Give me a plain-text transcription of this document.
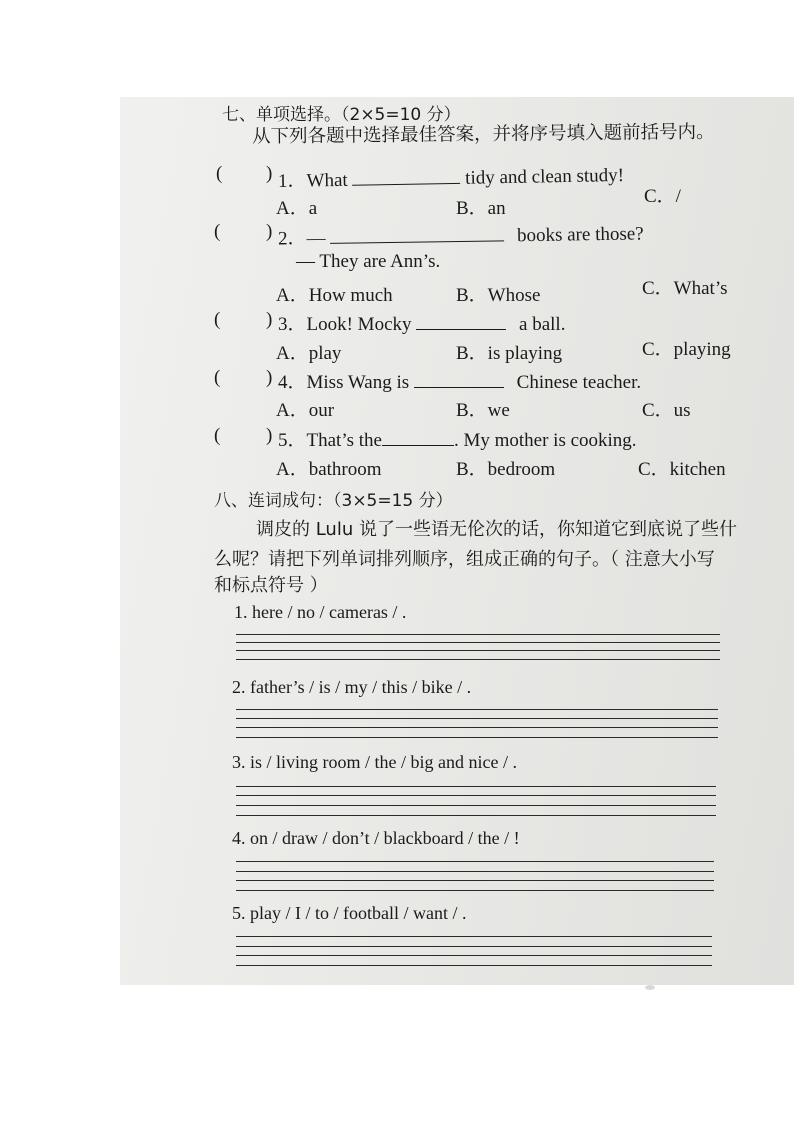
七、单项选择。（2×5=10 分）
从下列各题中选择最佳答案，并将序号填入题前括号内。
( ) 1．What	tidy and clean study!
A．a	B．an
C．/
( ) 2．—	books are those?
— They are Ann’s.
A．How much	B．Whose	C．What’s
( ) 3．Look! Mocky	a ball.
A．play	B．is playing	C．playing
( ) 4．Miss Wang is	Chinese teacher.
A．our	B．we	C．us
( ) 5．That’s the	. My mother is cooking.
A．bathroom	B．bedroom	C．kitchen
八、连词成句：（3×5=15 分）
调皮的 Lulu 说了一些语无伦次的话，你知道它到底说了些什
么呢？请把下列单词排列顺序，组成正确的句子。（ 注意大小写
和标点符号 ）
1. here / no / cameras / .
2. father’s / is / my / this / bike / .
3. is / living room / the / big and nice / .
4. on / draw / don’t / blackboard / the / !
5. play / I / to / football / want / .
